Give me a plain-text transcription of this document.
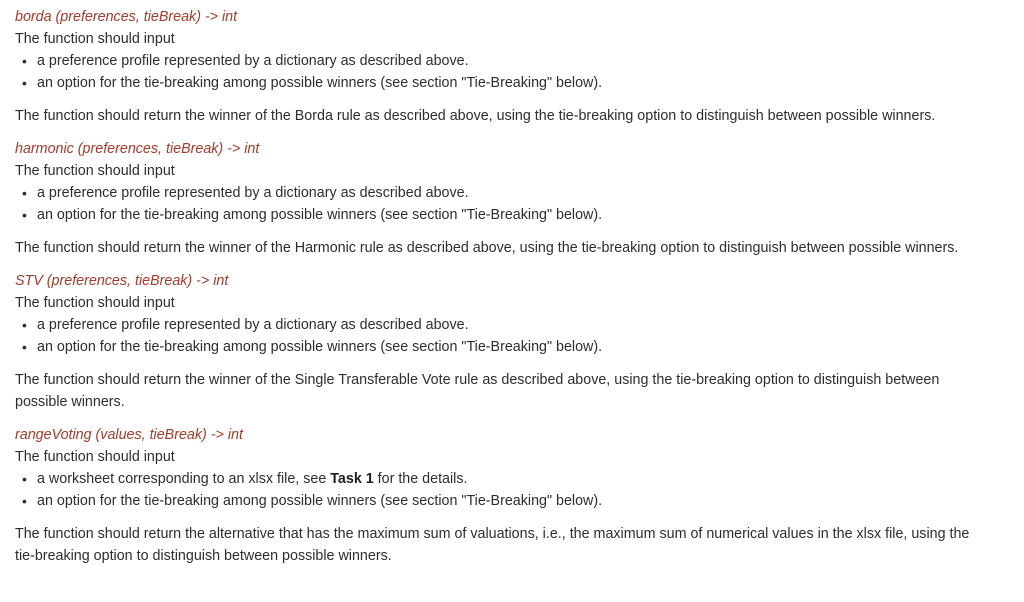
borda (preferences, tieBreak) -> int
The function should input
• a preference profile represented by a dictionary as described above.
• an option for the tie-breaking among possible winners (see section "Tie-Breaking" below).
The function should return the winner of the Borda rule as described above, using the tie-breaking option to distinguish between possible winners.
harmonic (preferences, tieBreak) -> int
The function should input
• a preference profile represented by a dictionary as described above.
• an option for the tie-breaking among possible winners (see section "Tie-Breaking" below).
The function should return the winner of the Harmonic rule as described above, using the tie-breaking option to distinguish between possible winners.
STV (preferences, tieBreak) -> int
The function should input
• a preference profile represented by a dictionary as described above.
• an option for the tie-breaking among possible winners (see section "Tie-Breaking" below).
The function should return the winner of the Single Transferable Vote rule as described above, using the tie-breaking option to distinguish between possible winners.
rangeVoting (values, tieBreak) -> int
The function should input
• a worksheet corresponding to an xlsx file, see Task 1 for the details.
• an option for the tie-breaking among possible winners (see section "Tie-Breaking" below).
The function should return the alternative that has the maximum sum of valuations, i.e., the maximum sum of numerical values in the xlsx file, using the tie-breaking option to distinguish between possible winners.
